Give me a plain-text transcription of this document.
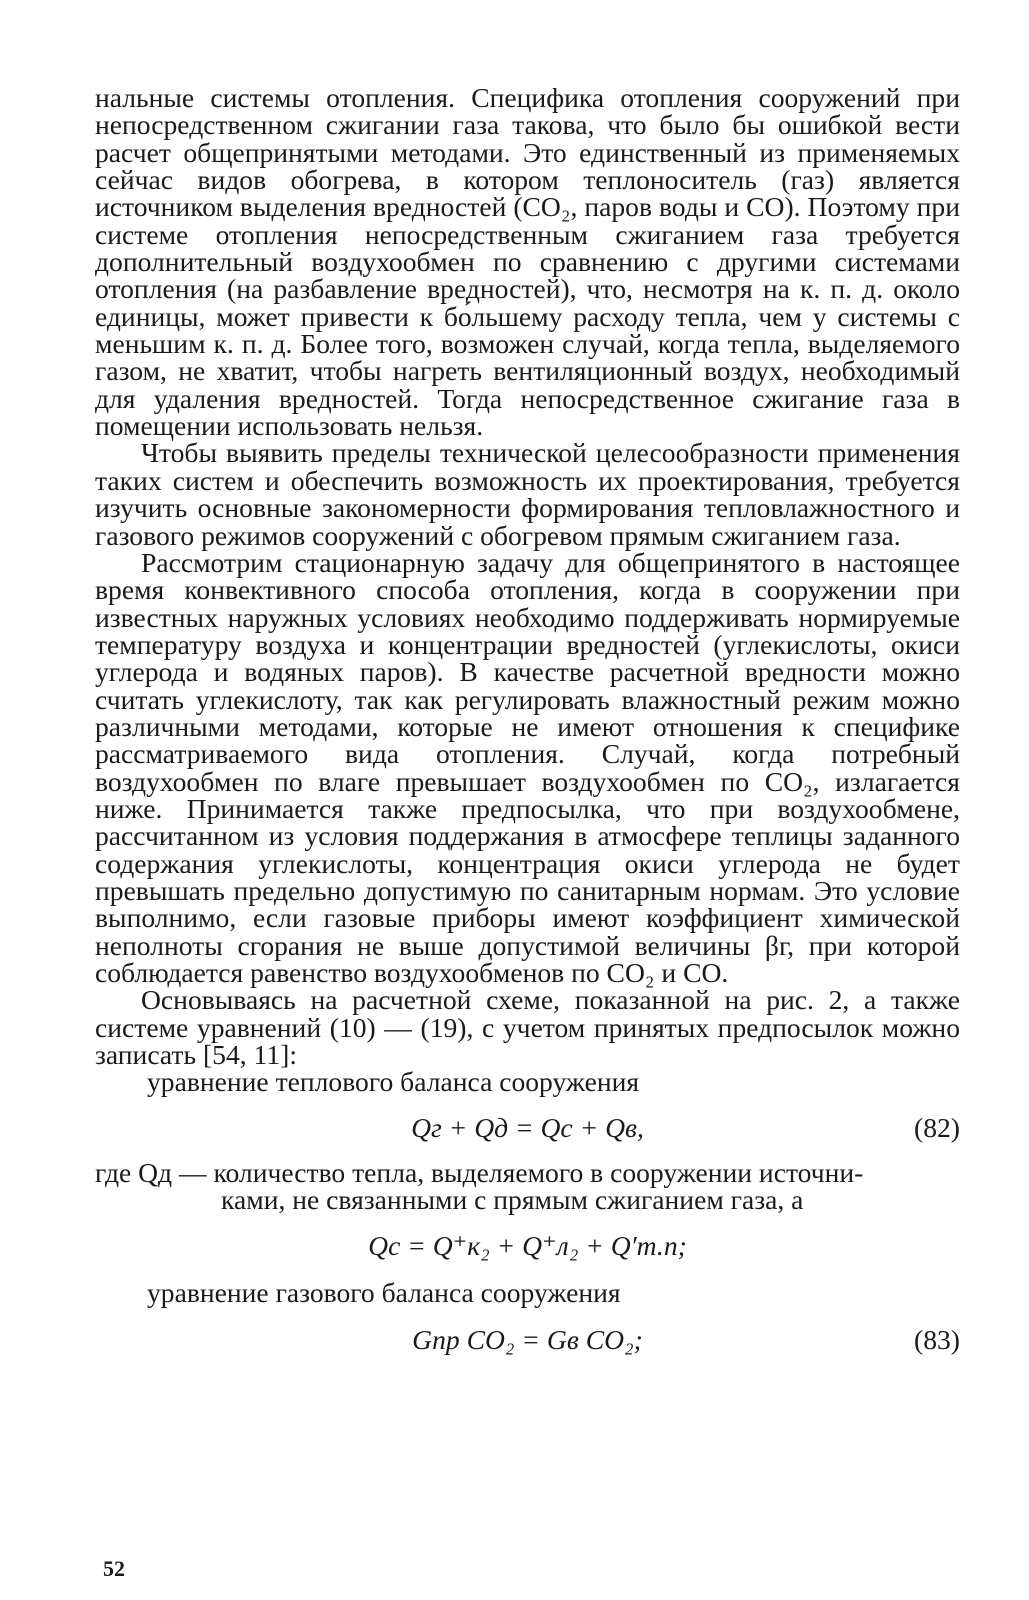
нальные системы отопления. Специфика отопления сооружений при непосредственном сжигании газа такова, что было бы ошибкой вести расчет общепринятыми методами. Это единственный из применяемых сейчас видов обогрева, в котором теплоноситель (газ) является источником выделения вредностей (CO₂, паров воды и CO). Поэтому при системе отопления непосредственным сжиганием газа требуется дополнительный воздухообмен по сравнению с другими системами отопления (на разбавление вредностей), что, несмотря на к. п. д. около единицы, может привести к бо́льшему расходу тепла, чем у системы с меньшим к. п. д. Более того, возможен случай, когда тепла, выделяемого газом, не хватит, чтобы нагреть вентиляционный воздух, необходимый для удаления вредностей. Тогда непосредственное сжигание газа в помещении использовать нельзя.

Чтобы выявить пределы технической целесообразности применения таких систем и обеспечить возможность их проектирования, требуется изучить основные закономерности формирования тепловлажностного и газового режимов сооружений с обогревом прямым сжиганием газа.

Рассмотрим стационарную задачу для общепринятого в настоящее время конвективного способа отопления, когда в сооружении при известных наружных условиях необходимо поддерживать нормируемые температуру воздуха и концентрации вредностей (углекислоты, окиси углерода и водяных паров). В качестве расчетной вредности можно считать углекислоту, так как регулировать влажностный режим можно различными методами, которые не имеют отношения к специфике рассматриваемого вида отопления. Случай, когда потребный воздухообмен по влаге превышает воздухообмен по CO₂, излагается ниже. Принимается также предпосылка, что при воздухообмене, рассчитанном из условия поддержания в атмосфере теплицы заданного содержания углекислоты, концентрация окиси углерода не будет превышать предельно допустимую по санитарным нормам. Это условие выполнимо, если газовые приборы имеют коэффициент химической неполноты сгорания не выше допустимой величины βг, при которой соблюдается равенство воздухообменов по CO₂ и CO.

Основываясь на расчетной схеме, показанной на рис. 2, а также системе уравнений (10) — (19), с учетом принятых предпосылок можно записать [54, 11]:

уравнение теплового баланса сооружения
Qг + Qд = Qс + Qв,	(82)

где Qд — количество тепла, выделяемого в сооружении источни-
ками, не связанными с прямым сжиганием газа, а

Qс = Q⁺к₂ + Q⁺л₂ + Q′т.п;
уравнение газового баланса сооружения
Gпр CO₂ = Gв CO₂;	(83)
52
